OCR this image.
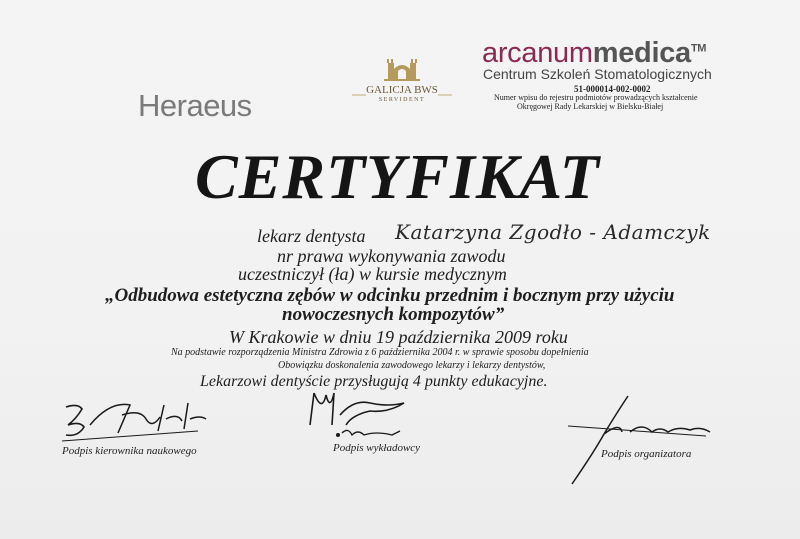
Heraeus	GALICJA BWS
SERVIDENT
arcanummedica™
Centrum Szkoleń Stomatologicznych
51-000014-002-0002
Numer wpisu do rejestru podmiotów prowadzących kształcenie
Okręgowej Rady Lekarskiej w Bielsku-Białej
CERTYFIKAT
lekarz dentysta Katarzyna Zgodło - Adamczyk
nr prawa wykonywania zawodu
uczestniczył (ła) w kursie medycznym
„Odbudowa estetyczna zębów w odcinku przednim i bocznym przy użyciu
nowoczesnych kompozytów”
W Krakowie w dniu 19 października 2009 roku
Na podstawie rozporządzenia Ministra Zdrowia z 6 października 2004 r. w sprawie sposobu dopełnienia
Obowiązku doskonalenia zawodowego lekarzy i lekarzy dentystów,
Lekarzowi dentyście przysługują 4 punkty edukacyjne.
Podpis kierownika naukowego	Podpis wykładowcy	Podpis organizatora
